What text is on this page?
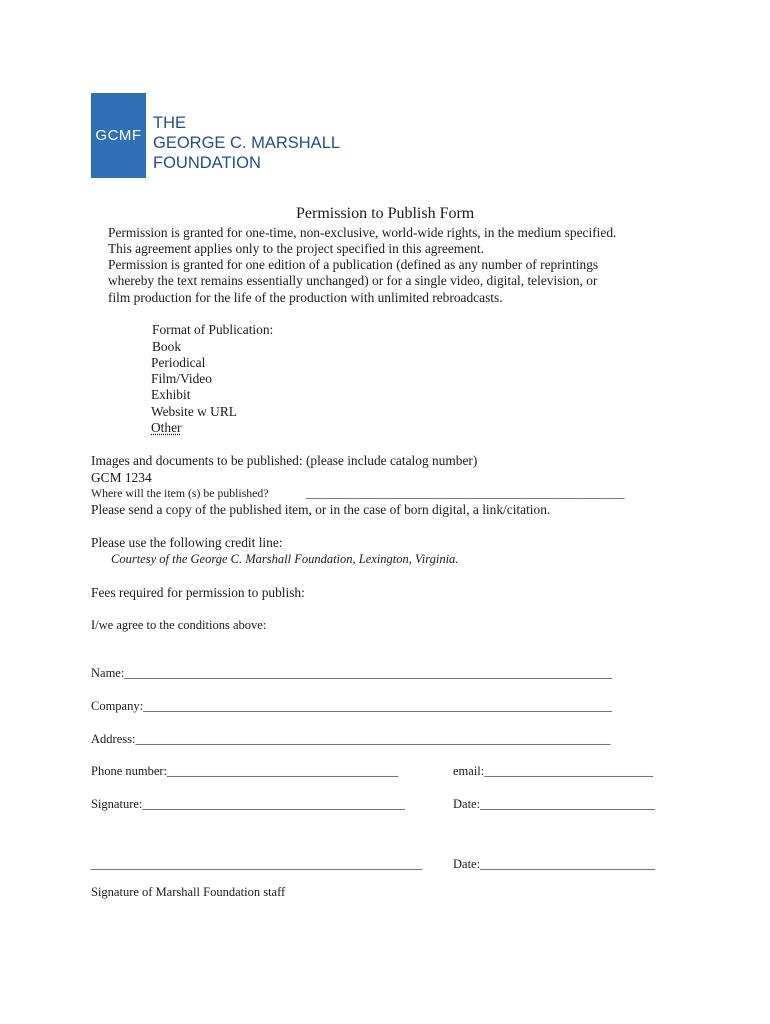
GCMF
THE
GEORGE C. MARSHALL
FOUNDATION
Permission to Publish Form
Permission is granted for one-time, non-exclusive, world-wide rights, in the medium specified.
This agreement applies only to the project specified in this agreement.
Permission is granted for one edition of a publication (defined as any number of reprintings
whereby the text remains essentially unchanged) or for a single video, digital, television, or
film production for the life of the production with unlimited rebroadcasts.
Format of Publication:
Book
Periodical
Film/Video
Exhibit
Website w URL
Other
Images and documents to be published: (please include catalog number)
GCM 1234
Where will the item (s) be published?	______________________________________________________
Please send a copy of the published item, or in the case of born digital, a link/citation.
Please use the following credit line:
Courtesy of the George C. Marshall Foundation, Lexington, Virginia.
Fees required for permission to publish:
I/we agree to the conditions above:
Name:______________________________________________________________________________
Company:___________________________________________________________________________
Address:____________________________________________________________________________
Phone number:_____________________________________	email:___________________________
Signature:__________________________________________	Date:____________________________
_____________________________________________________ Date:____________________________
Signature of Marshall Foundation staff
